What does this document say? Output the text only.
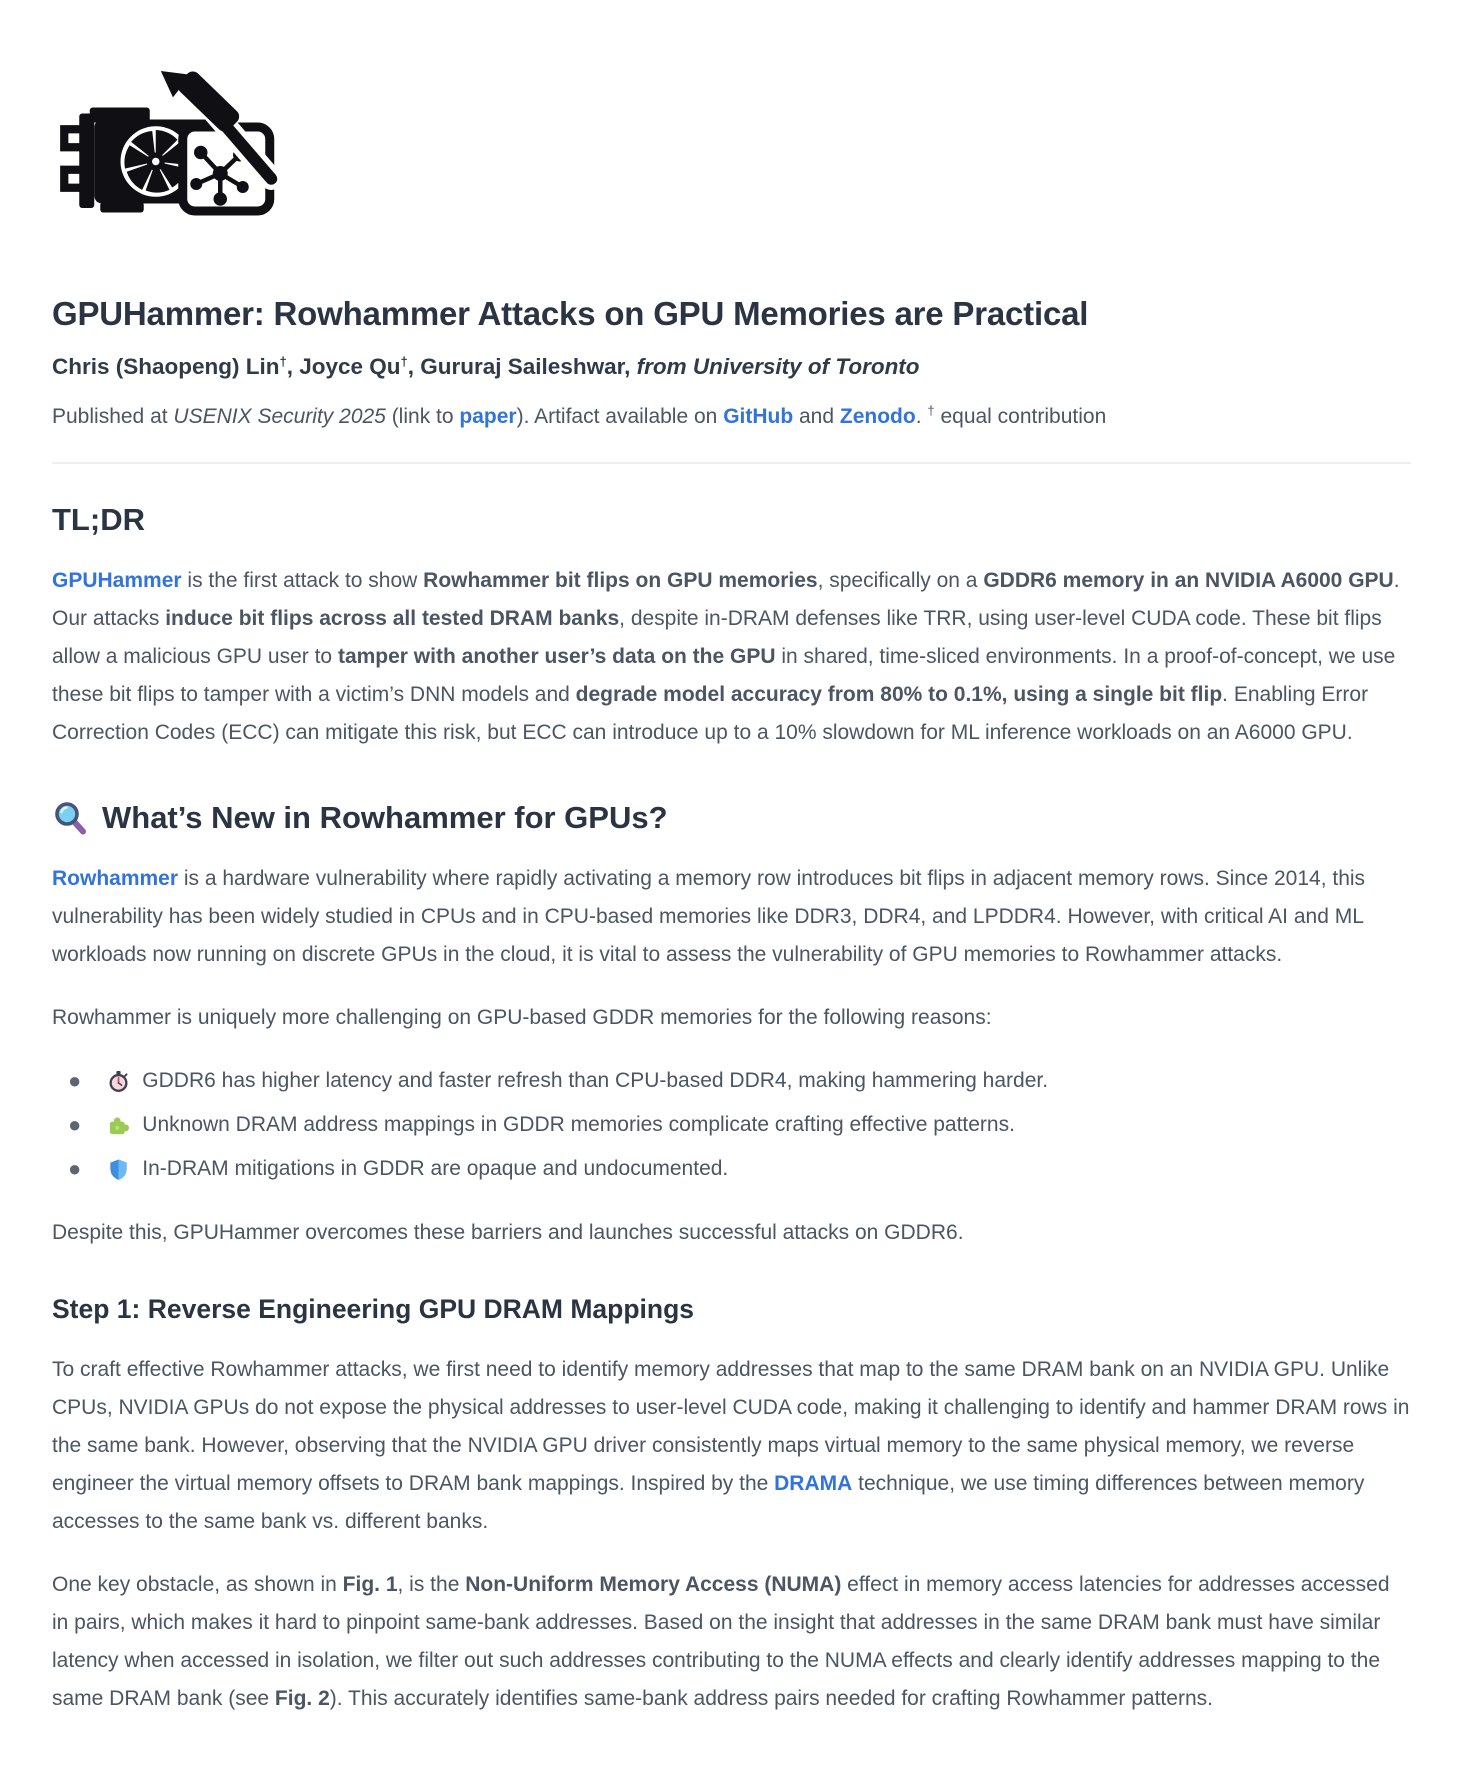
GPUHammer: Rowhammer Attacks on GPU Memories are Practical
Chris (Shaopeng) Lin†, Joyce Qu†, Gururaj Saileshwar, from University of Toronto
Published at USENIX Security 2025 (link to paper). Artifact available on GitHub and Zenodo. † equal contribution
TL;DR

GPUHammer is the first attack to show Rowhammer bit flips on GPU memories, specifically on a GDDR6 memory in an NVIDIA A6000 GPU. Our attacks induce bit flips across all tested DRAM banks, despite in-DRAM defenses like TRR, using user-level CUDA code. These bit flips allow a malicious GPU user to tamper with another user’s data on the GPU in shared, time-sliced environments. In a proof-of-concept, we use these bit flips to tamper with a victim’s DNN models and degrade model accuracy from 80% to 0.1%, using a single bit flip. Enabling Error Correction Codes (ECC) can mitigate this risk, but ECC can introduce up to a 10% slowdown for ML inference workloads on an A6000 GPU.

What’s New in Rowhammer for GPUs?

Rowhammer is a hardware vulnerability where rapidly activating a memory row introduces bit flips in adjacent memory rows. Since 2014, this vulnerability has been widely studied in CPUs and in CPU-based memories like DDR3, DDR4, and LPDDR4. However, with critical AI and ML workloads now running on discrete GPUs in the cloud, it is vital to assess the vulnerability of GPU memories to Rowhammer attacks.

Rowhammer is uniquely more challenging on GPU-based GDDR memories for the following reasons:

●	GDDR6 has higher latency and faster refresh than CPU-based DDR4, making hammering harder.
●	Unknown DRAM address mappings in GDDR memories complicate crafting effective patterns.
●	In-DRAM mitigations in GDDR are opaque and undocumented.

Despite this, GPUHammer overcomes these barriers and launches successful attacks on GDDR6.

Step 1: Reverse Engineering GPU DRAM Mappings

To craft effective Rowhammer attacks, we first need to identify memory addresses that map to the same DRAM bank on an NVIDIA GPU. Unlike CPUs, NVIDIA GPUs do not expose the physical addresses to user-level CUDA code, making it challenging to identify and hammer DRAM rows in the same bank. However, observing that the NVIDIA GPU driver consistently maps virtual memory to the same physical memory, we reverse engineer the virtual memory offsets to DRAM bank mappings. Inspired by the DRAMA technique, we use timing differences between memory accesses to the same bank vs. different banks.

One key obstacle, as shown in Fig. 1, is the Non-Uniform Memory Access (NUMA) effect in memory access latencies for addresses accessed in pairs, which makes it hard to pinpoint same-bank addresses. Based on the insight that addresses in the same DRAM bank must have similar latency when accessed in isolation, we filter out such addresses contributing to the NUMA effects and clearly identify addresses mapping to the same DRAM bank (see Fig. 2). This accurately identifies same-bank address pairs needed for crafting Rowhammer patterns.
